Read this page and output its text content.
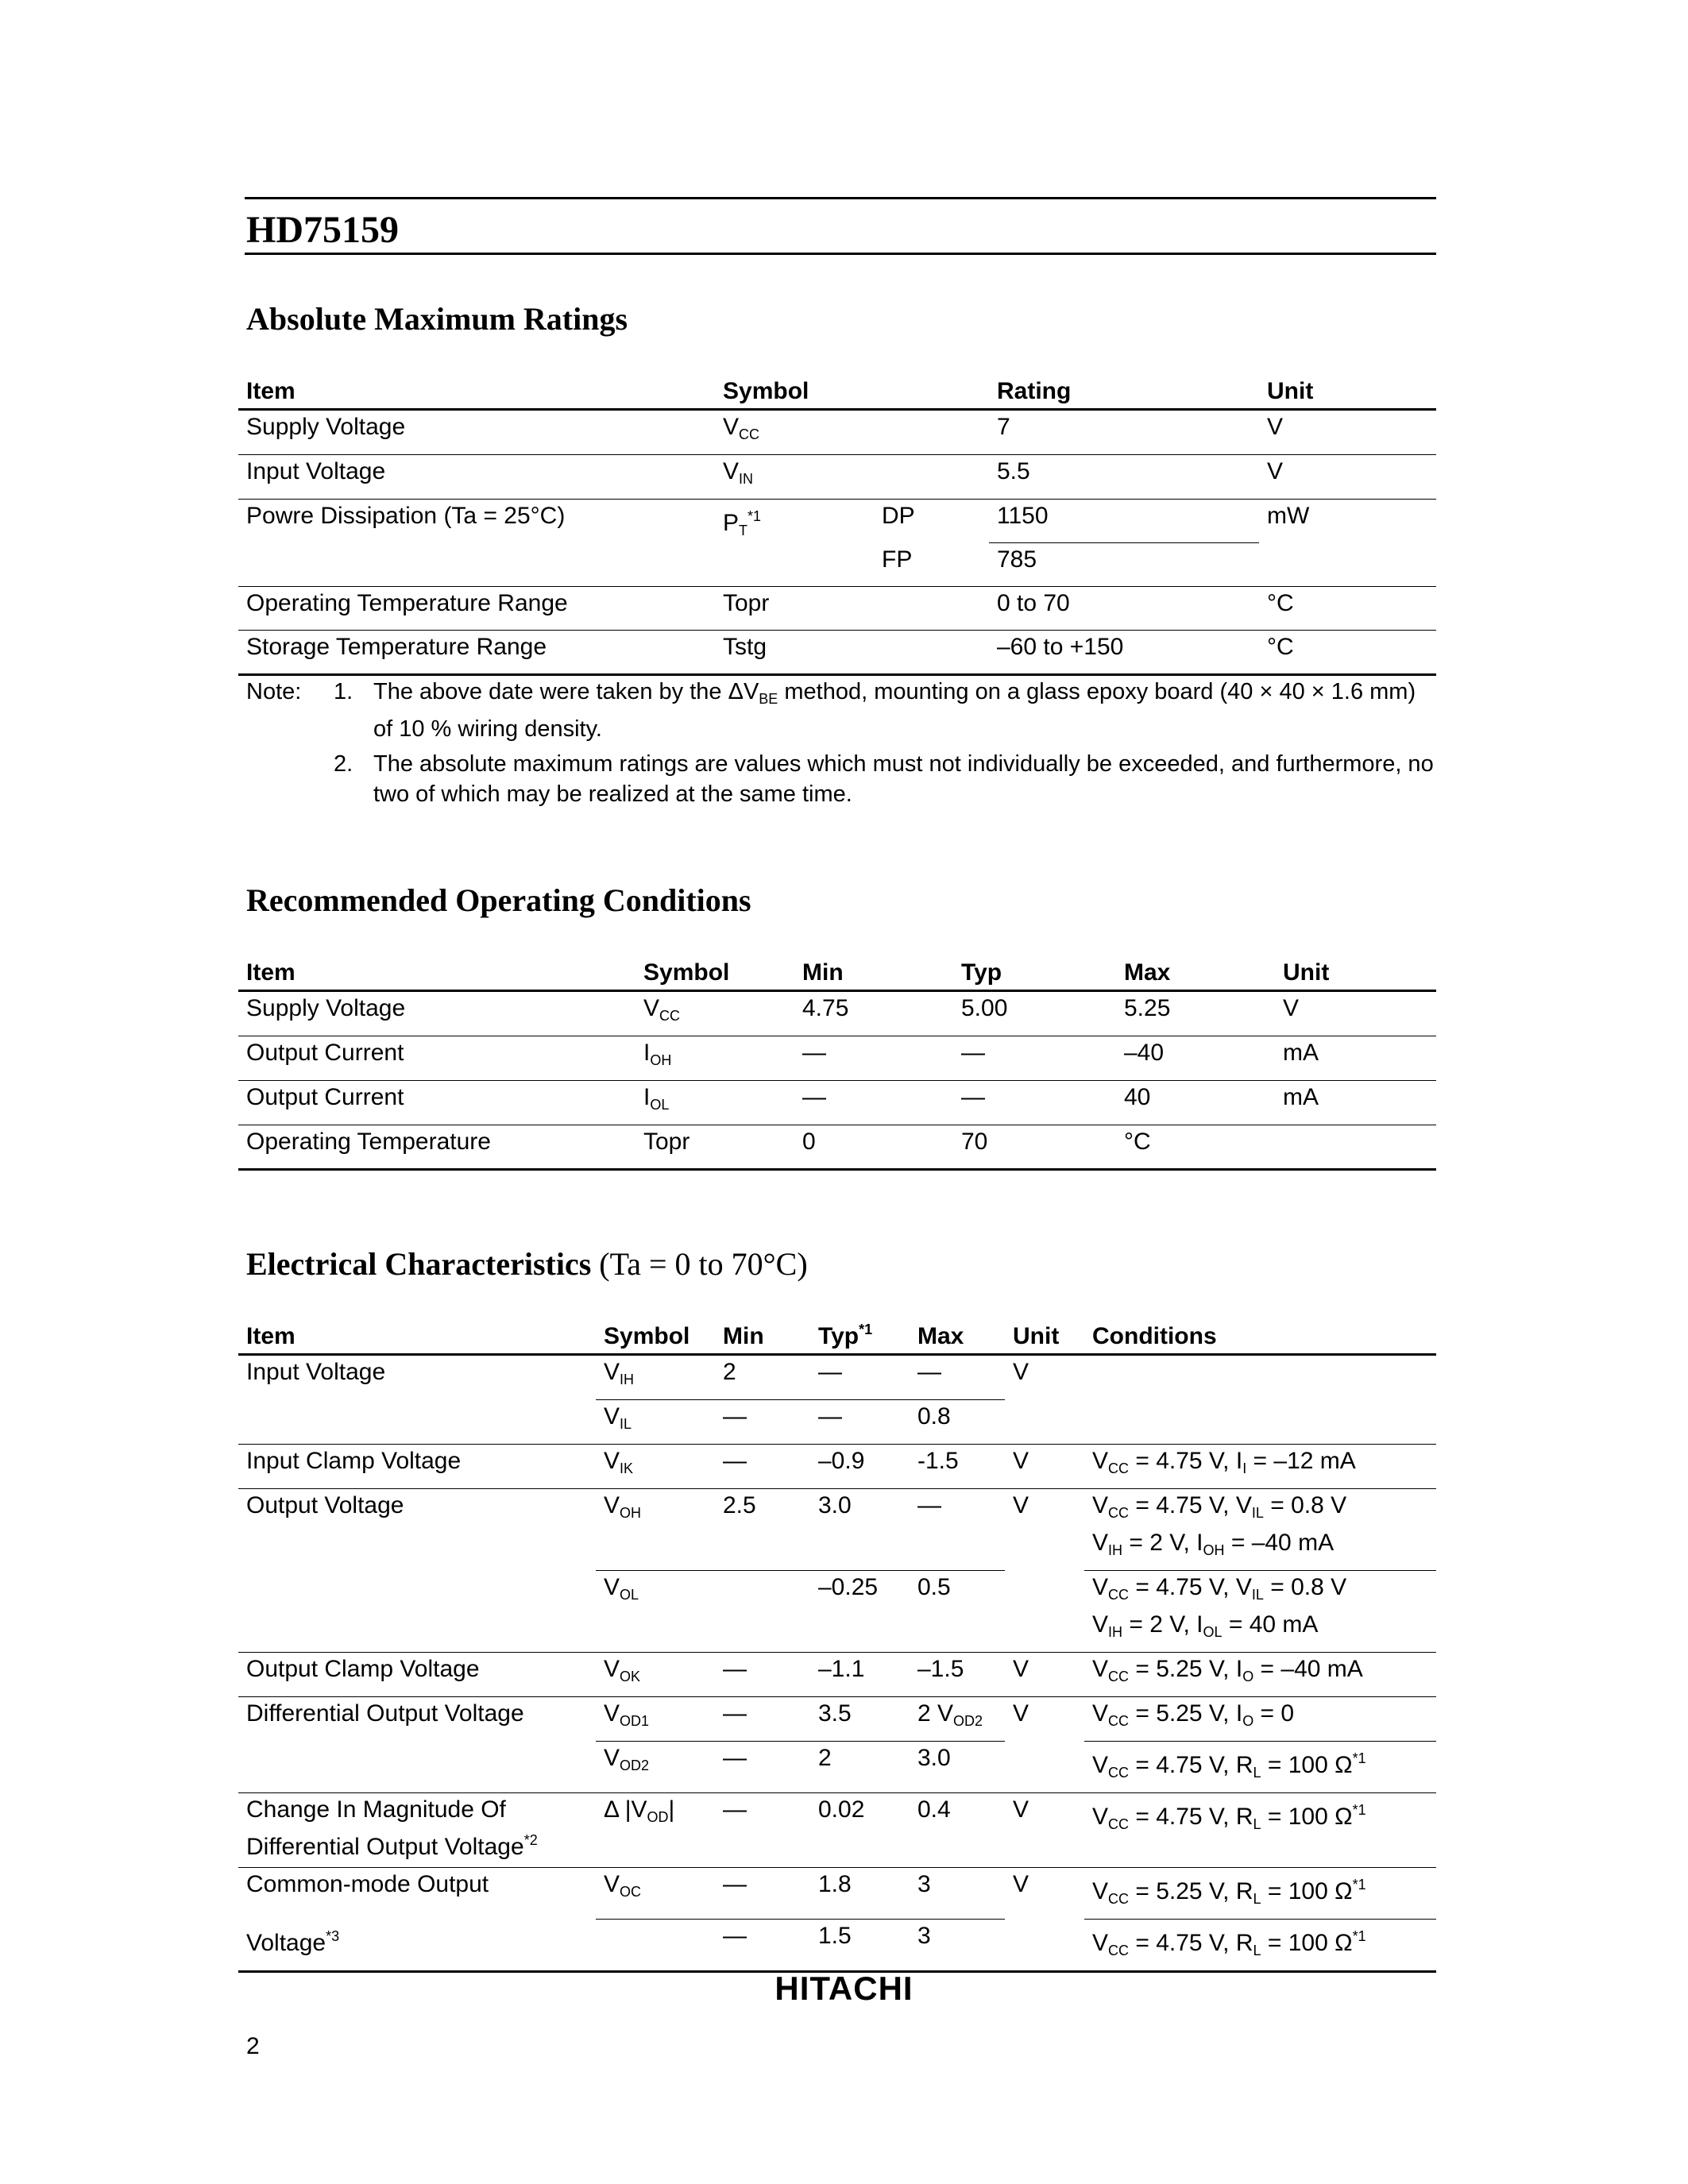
HD75159
Absolute Maximum Ratings
Item	Symbol		Rating	Unit
Supply Voltage	$V_{CC}$		7	V
Input Voltage	$V_{IN}$		5.5	V
Powre Dissipation (Ta = 25°C)	$P_T^{*1}$	DP	1150	mW
		FP	785	
Operating Temperature Range	Topr		0 to 70	°C
Storage Temperature Range	Tstg		–60 to +150	°C
Note:	1. The above date were taken by the $\Delta V_{BE}$ method, mounting on a glass epoxy board (40 × 40 × 1.6 mm) of 10 % wiring density.
2. The absolute maximum ratings are values which must not individually be exceeded, and furthermore, no two of which may be realized at the same time.
Recommended Operating Conditions
Item	Symbol	Min	Typ	Max	Unit
Supply Voltage	$V_{CC}$	4.75	5.00	5.25	V
Output Current	$I_{OH}$	—	—	–40	mA
Output Current	$I_{OL}$	—	—	40	mA
Operating Temperature	Topr	0	70	°C	
Electrical Characteristics (Ta = 0 to 70°C)
Item	Symbol	Min	Typ$^{*1}$	Max	Unit	Conditions
Input Voltage	$V_{IH}$	2	—	—	V	
	$V_{IL}$	—	—	0.8		
Input Clamp Voltage	$V_{IK}$	—	–0.9	-1.5	V	$V_{CC} = 4.75$ V, $I_I = -12$ mA
Output Voltage	$V_{OH}$	2.5	3.0	—	V	$V_{CC} = 4.75$ V, $V_{IL} = 0.8$ V
$V_{IH} = 2$ V, $I_{OH} = -40$ mA

	$V_{OL}$		–0.25	0.5		$V_{CC} = 4.75$ V, $V_{IL} = 0.8$ V
$V_{IH} = 2$ V, $I_{OL} = 40$ mA

Output Clamp Voltage	$V_{OK}$	—	–1.1	–1.5	V	$V_{CC} = 5.25$ V, $I_O = -40$ mA
Differential Output Voltage	$V_{OD1}$	—	3.5	2 $V_{OD2}$	V	$V_{CC} = 5.25$ V, $I_O = 0$
	$V_{OD2}$	—	2	3.0		$V_{CC} = 4.75$ V, $R_L = 100$ $\Omega^{*1}$

Change In Magnitude Of
Differential Output Voltage$^{*2}$	Δ $|V_{OD}|$	—	0.02	0.4	V	$V_{CC} = 4.75$ V, $R_L = 100$ $\Omega^{*1}$
Common-mode Output	$V_{OC}$	—	1.8	3	V	$V_{CC} = 5.25$ V, $R_L = 100$ $\Omega^{*1}$
Voltage$^{*3}$		—	1.5	3		$V_{CC} = 4.75$ V, $R_L = 100$ $\Omega^{*1}$
HITACHI
2
